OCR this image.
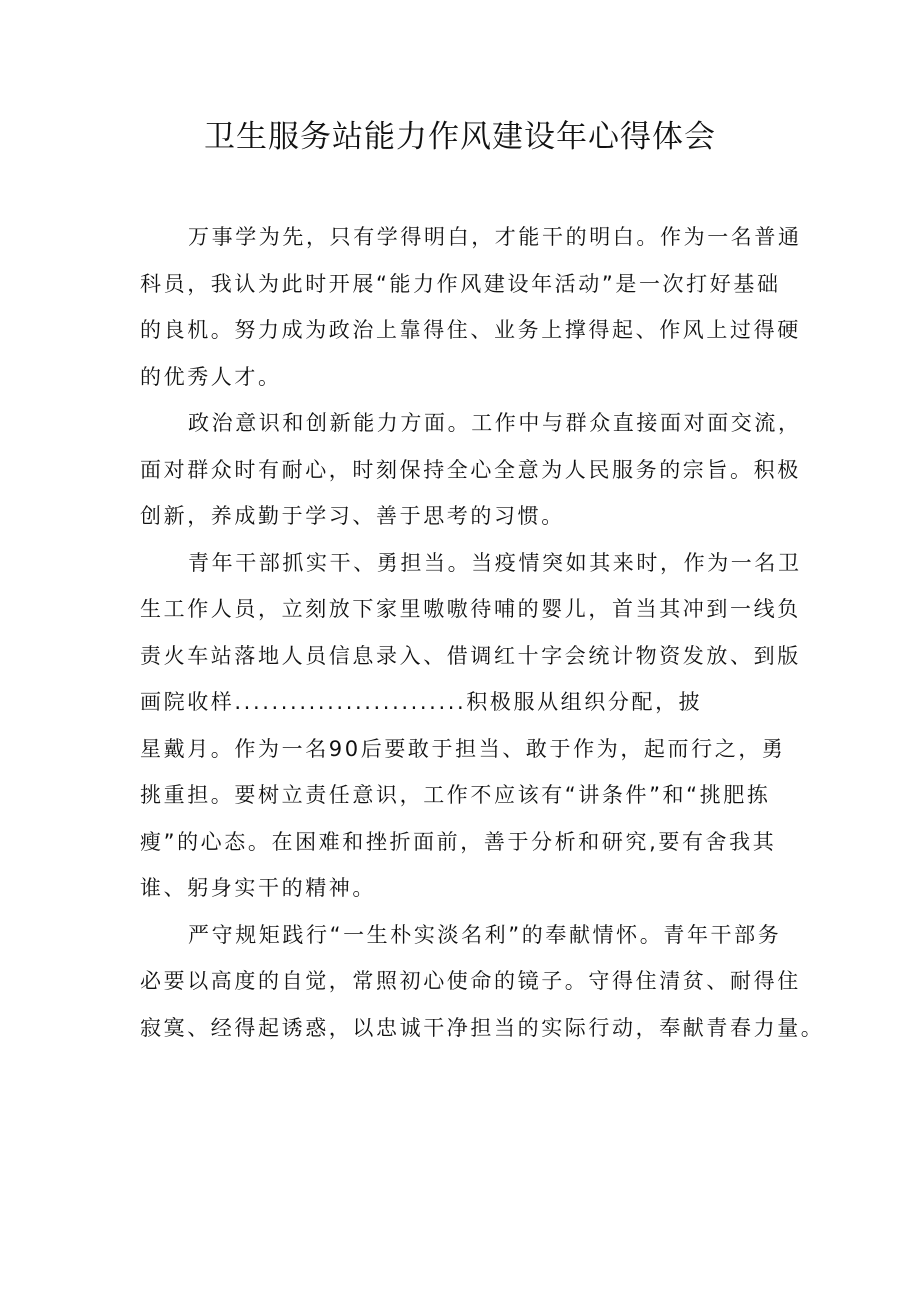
卫生服务站能力作风建设年心得体会
万事学为先，只有学得明白，才能干的明白。作为一名普通
科员，我认为此时开展“能力作风建设年活动”是一次打好基础
的良机。努力成为政治上靠得住、业务上撑得起、作风上过得硬
的优秀人才。
政治意识和创新能力方面。工作中与群众直接面对面交流，
面对群众时有耐心，时刻保持全心全意为人民服务的宗旨。积极
创新，养成勤于学习、善于思考的习惯。
青年干部抓实干、勇担当。当疫情突如其来时，作为一名卫
生工作人员，立刻放下家里嗷嗷待哺的婴儿，首当其冲到一线负
责火车站落地人员信息录入、借调红十字会统计物资发放、到版
画院收样.........................积极服从组织分配，披
星戴月。作为一名90后要敢于担当、敢于作为，起而行之，勇
挑重担。要树立责任意识，工作不应该有“讲条件”和“挑肥拣
瘦”的心态。在困难和挫折面前，善于分析和研究,要有舍我其
谁、躬身实干的精神。
严守规矩践行“一生朴实淡名利”的奉献情怀。青年干部务
必要以高度的自觉，常照初心使命的镜子。守得住清贫、耐得住
寂寞、经得起诱惑，以忠诚干净担当的实际行动，奉献青春力量。
